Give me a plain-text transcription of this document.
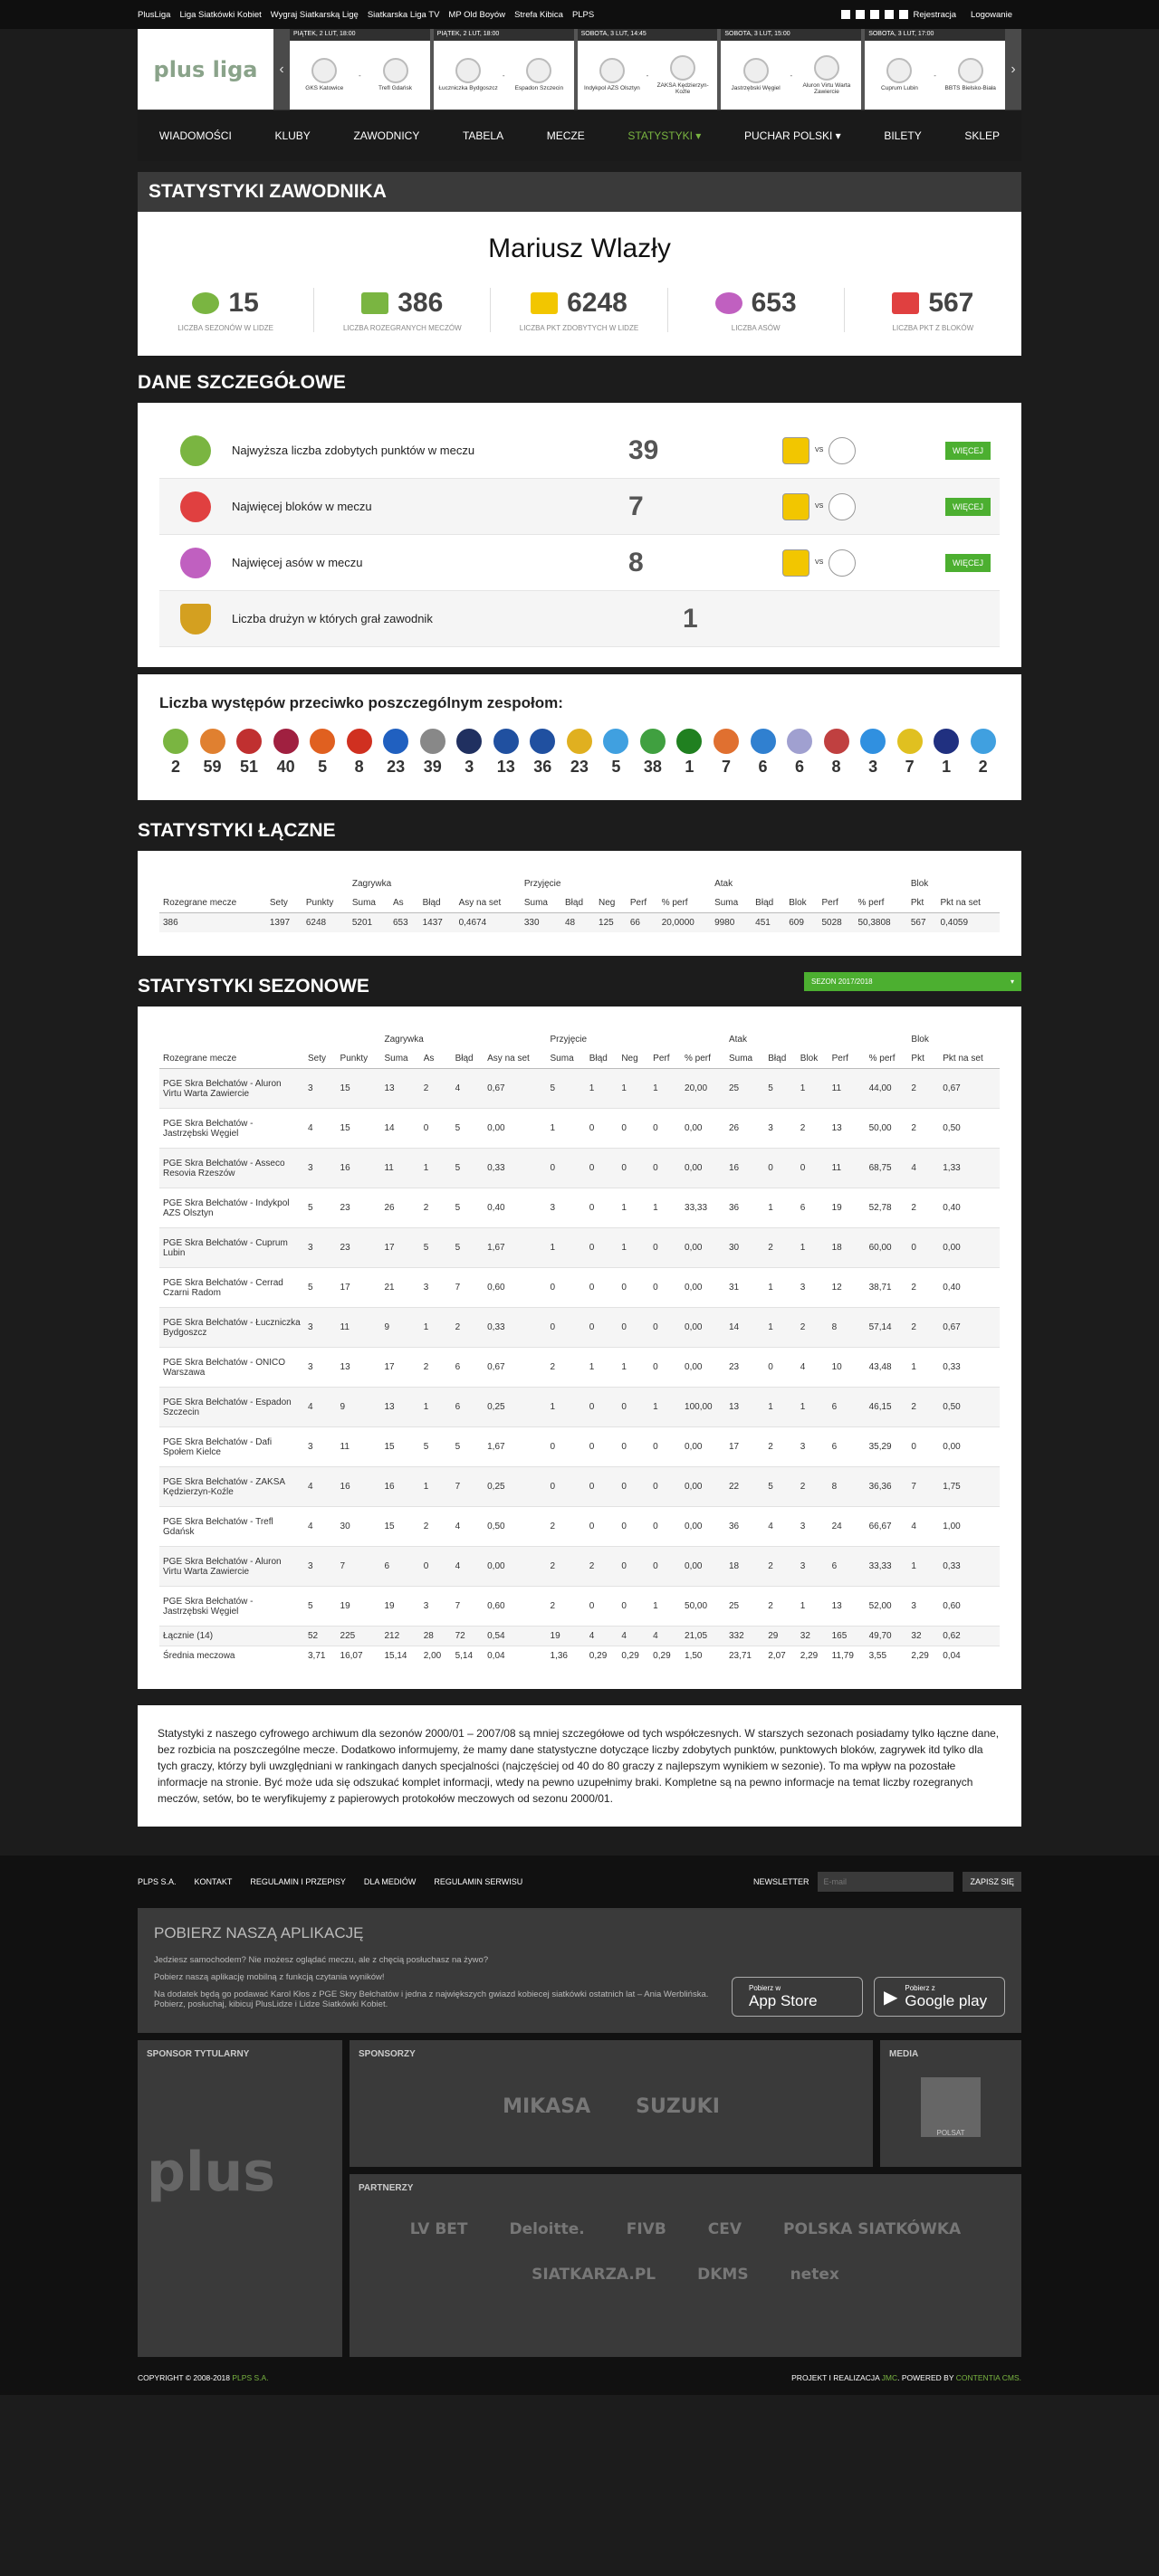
PlusLiga Liga Siatkówki Kobiet Wygraj Siatkarską Ligę Siatkarska Liga TV MP Old Boyów Strefa Kibica PLPS	Rejestracja Logowanie
plus liga	‹
PIĄTEK, 2 LUT, 18:00
GKS Katowice
-
Trefl Gdańsk
PIĄTEK, 2 LUT, 18:00
Łuczniczka Bydgoszcz
-
Espadon Szczecin
SOBOTA, 3 LUT, 14:45
Indykpol AZS Olsztyn
-
ZAKSA Kędzierzyn-Koźle
SOBOTA, 3 LUT, 15:00
Jastrzębski Węgiel
-
Aluron Virtu Warta Zawiercie
SOBOTA, 3 LUT, 17:00
Cuprum Lubin
-
BBTS Bielsko-Biała
›
WIADOMOŚCI	KLUBY	ZAWODNICY	TABELA	MECZE	STATYSTYKI ▾	PUCHAR POLSKI ▾	BILETY	SKLEP
STATYSTYKI ZAWODNIKA
Mariusz Wlazły
15
LICZBA SEZONÓW W LIDZE
386
LICZBA ROZEGRANYCH MECZÓW
6248
LICZBA PKT ZDOBYTYCH W LIDZE
653
LICZBA ASÓW
567
LICZBA PKT Z BLOKÓW
DANE SZCZEGÓŁOWE
Najwyższa liczba zdobytych punktów w meczu	39	VS	WIĘCEJ
Najwięcej bloków w meczu	7	VS	WIĘCEJ
Najwięcej asów w meczu	8	VS	WIĘCEJ
Liczba drużyn w których grał zawodnik	1
Liczba występów przeciwko poszczególnym zespołom:
2	59	51	40	5	8	23	39	3	13	36	23	5	38	1	7	6	6	8	3	7	1	2
STATYSTYKI ŁĄCZNE
			Zagrywka				Przyjęcie					Atak					Blok	
Rozegrane mecze	Sety	Punkty	Suma	As	Błąd	Asy na set	Suma	Błąd	Neg	Perf	% perf	Suma	Błąd	Blok	Perf	% perf	Pkt	Pkt na set
386	1397	6248	5201	653	1437	0,4674	330	48	125	66	20,0000	9980	451	609	5028	50,3808	567	0,4059
STATYSTYKI SEZONOWE	SEZON 2017/2018	▾
			Zagrywka				Przyjęcie					Atak					Blok	
Rozegrane mecze	Sety	Punkty	Suma	As	Błąd	Asy na set	Suma	Błąd	Neg	Perf	% perf	Suma	Błąd	Blok	Perf	% perf	Pkt	Pkt na set
PGE Skra Bełchatów - Aluron Virtu Warta Zawiercie	3	15	13	2	4	0,67	5	1	1	1	20,00	25	5	1	11	44,00	2	0,67
PGE Skra Bełchatów - Jastrzębski Węgiel	4	15	14	0	5	0,00	1	0	0	0	0,00	26	3	2	13	50,00	2	0,50
PGE Skra Bełchatów - Asseco Resovia Rzeszów	3	16	11	1	5	0,33	0	0	0	0	0,00	16	0	0	11	68,75	4	1,33
PGE Skra Bełchatów - Indykpol AZS Olsztyn	5	23	26	2	5	0,40	3	0	1	1	33,33	36	1	6	19	52,78	2	0,40
PGE Skra Bełchatów - Cuprum Lubin	3	23	17	5	5	1,67	1	0	1	0	0,00	30	2	1	18	60,00	0	0,00
PGE Skra Bełchatów - Cerrad Czarni Radom	5	17	21	3	7	0,60	0	0	0	0	0,00	31	1	3	12	38,71	2	0,40
PGE Skra Bełchatów - Łuczniczka Bydgoszcz	3	11	9	1	2	0,33	0	0	0	0	0,00	14	1	2	8	57,14	2	0,67
PGE Skra Bełchatów - ONICO Warszawa	3	13	17	2	6	0,67	2	1	1	0	0,00	23	0	4	10	43,48	1	0,33
PGE Skra Bełchatów - Espadon Szczecin	4	9	13	1	6	0,25	1	0	0	1	100,00	13	1	1	6	46,15	2	0,50
PGE Skra Bełchatów - Dafi Społem Kielce	3	11	15	5	5	1,67	0	0	0	0	0,00	17	2	3	6	35,29	0	0,00
PGE Skra Bełchatów - ZAKSA Kędzierzyn-Koźle	4	16	16	1	7	0,25	0	0	0	0	0,00	22	5	2	8	36,36	7	1,75
PGE Skra Bełchatów - Trefl Gdańsk	4	30	15	2	4	0,50	2	0	0	0	0,00	36	4	3	24	66,67	4	1,00
PGE Skra Bełchatów - Aluron Virtu Warta Zawiercie	3	7	6	0	4	0,00	2	2	0	0	0,00	18	2	3	6	33,33	1	0,33
PGE Skra Bełchatów - Jastrzębski Węgiel	5	19	19	3	7	0,60	2	0	0	1	50,00	25	2	1	13	52,00	3	0,60
Łącznie (14)	52	225	212	28	72	0,54	19	4	4	4	21,05	332	29	32	165	49,70	32	0,62
Średnia meczowa	3,71	16,07	15,14	2,00	5,14	0,04	1,36	0,29	0,29	0,29	1,50	23,71	2,07	2,29	11,79	3,55	2,29	0,04
Statystyki z naszego cyfrowego archiwum dla sezonów 2000/01 – 2007/08 są mniej szczegółowe od tych współczesnych. W starszych sezonach posiadamy tylko łączne dane, bez rozbicia na poszczególne mecze. Dodatkowo informujemy, że mamy dane statystyczne dotyczące liczby zdobytych punktów, punktowych bloków, zagrywek itd tylko dla tych graczy, którzy byli uwzględniani w rankingach danych specjalności (najczęściej od 40 do 80 graczy z najlepszym wynikiem w sezonie). To ma wpływ na pozostałe informacje na stronie. Być może uda się odszukać komplet informacji, wtedy na pewno uzupełnimy braki. Kompletne są na pewno informacje na temat liczby rozegranych meczów, setów, bo te weryfikujemy z papierowych protokołów meczowych od sezonu 2000/01.
PLPS S.A. KONTAKT REGULAMIN I PRZEPISY DLA MEDIÓW REGULAMIN SERWISU	NEWSLETTER
E-MAIL	ZAPISZ SIĘ
POBIERZ NASZĄ APLIKACJĘ

Jedziesz samochodem? Nie możesz oglądać meczu, ale z chęcią posłuchasz na żywo?

Pobierz naszą aplikację mobilną z funkcją czytania wyników!

Na dodatek będą go podawać Karol Kłos z PGE Skry Bełchatów i jedna z największych gwiazd kobiecej siatkówki ostatnich lat – Ania Werblińska. Pobierz, posłuchaj, kibicuj PlusLidze i Lidze Siatkówki Kobiet.

Pobierz w
App Store	▶ Pobierz z
Google play
SPONSOR TYTULARNY
plus
SPONSORZY
MIKASA SUZUKI
MEDIA
POLSAT
PARTNERZY
LV BET	Deloitte.	FIVB	CEV	POLSKA SIATKÓWKA
SIATKARZA.PL	DKMS	netex
COPYRIGHT © 2008-2018 PLPS S.A.	PROJEKT I REALIZACJA JMC. POWERED BY CONTENTIA CMS.
